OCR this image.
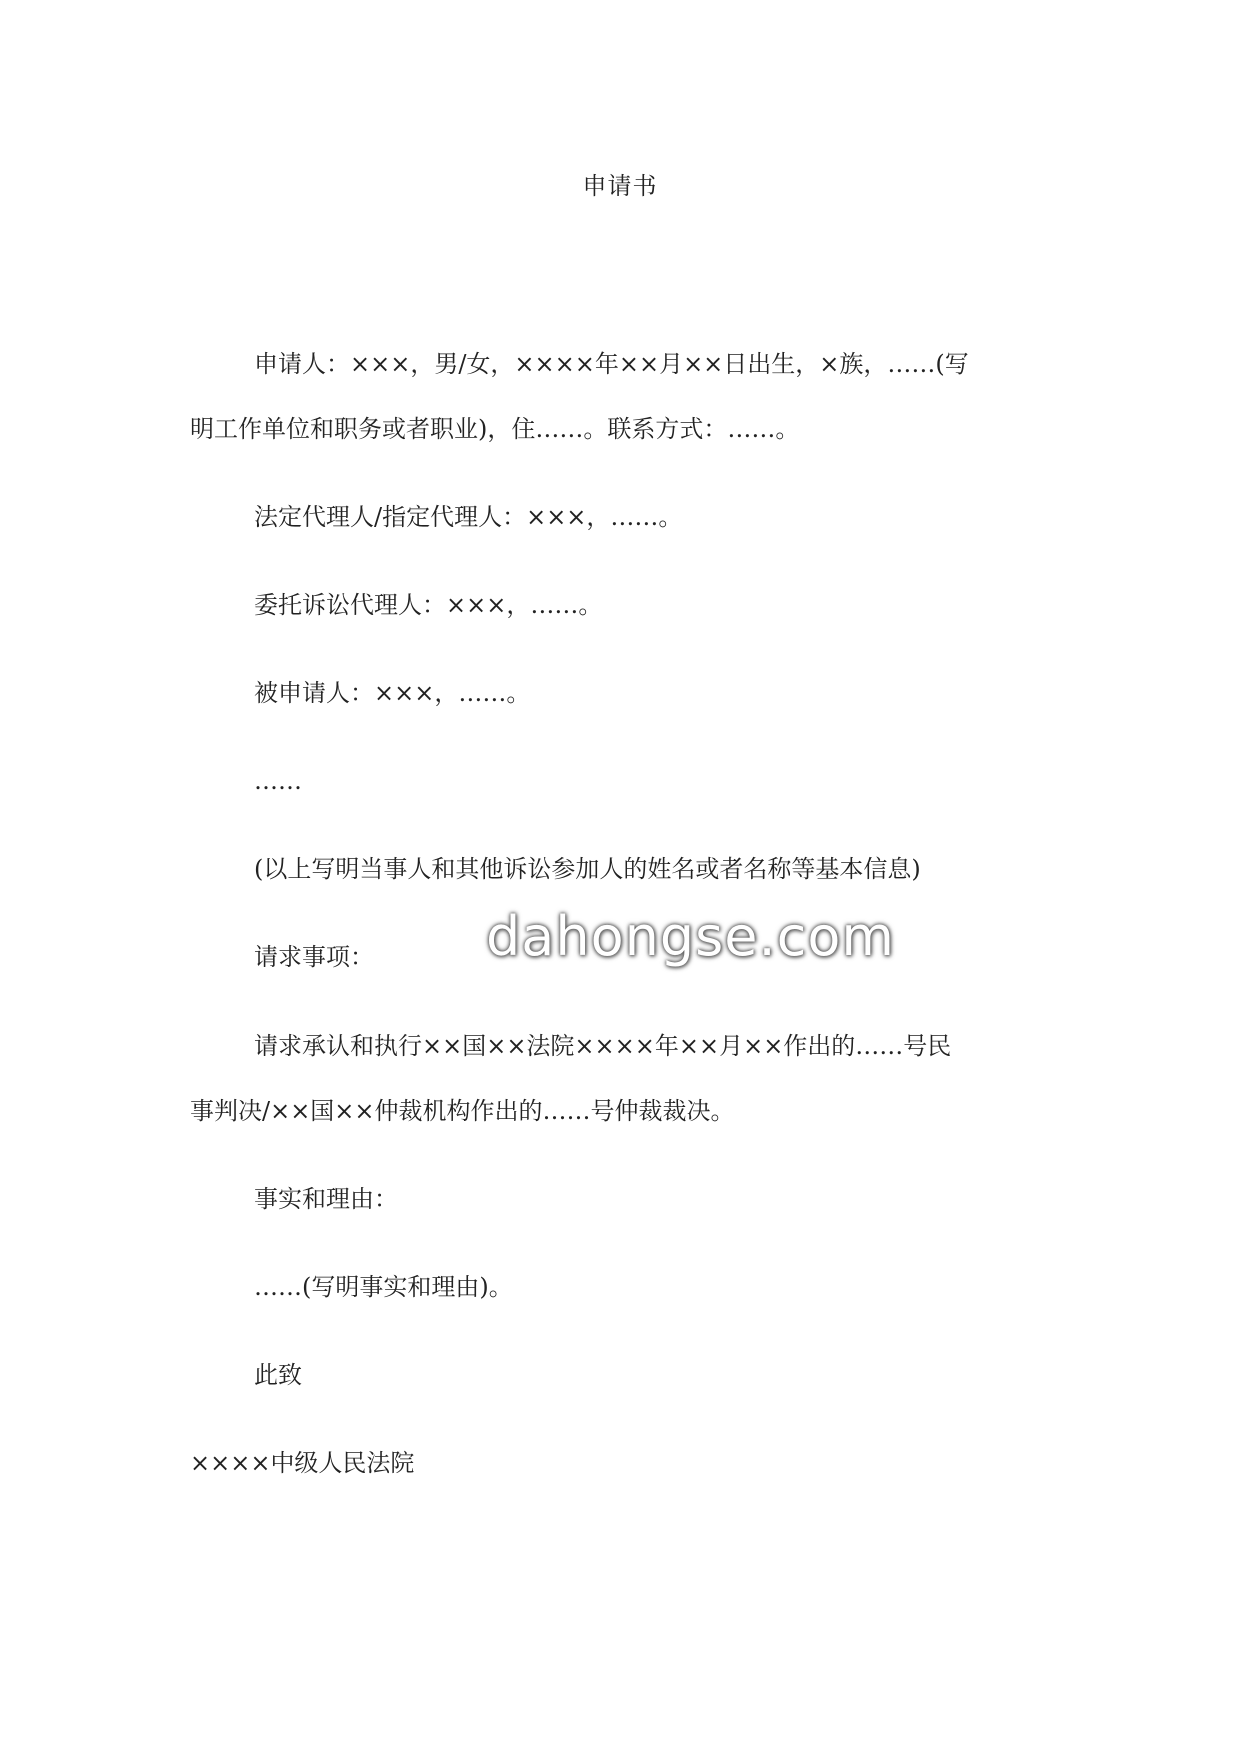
申请书
申请人：×××，男/女，××××年××月××日出生，×族，……(写
明工作单位和职务或者职业)，住……。联系方式：……。
法定代理人/指定代理人：×××，……。
委托诉讼代理人：×××，……。
被申请人：×××，……。
……
(以上写明当事人和其他诉讼参加人的姓名或者名称等基本信息)
请求事项：
请求承认和执行××国××法院××××年××月××作出的……号民
事判决/××国××仲裁机构作出的……号仲裁裁决。
事实和理由：
……(写明事实和理由)。
此致
××××中级人民法院
dahongse.com
